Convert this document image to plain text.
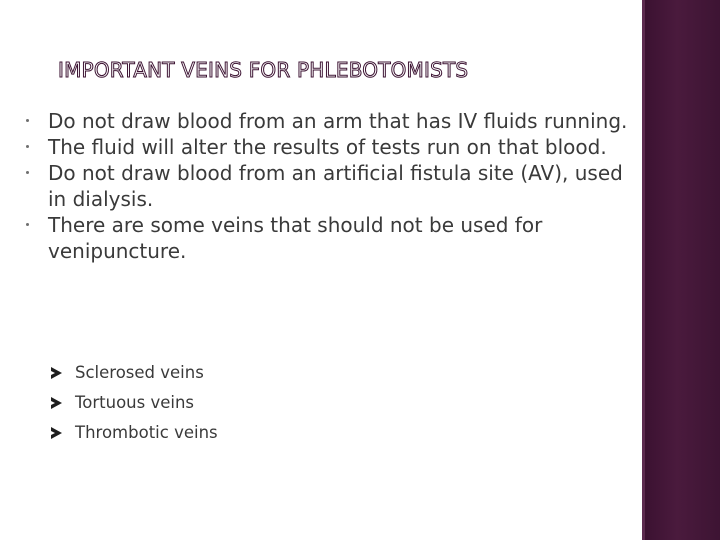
IMPORTANT VEINS FOR PHLEBOTOMISTS
Do not draw blood from an arm that has IV fluids running.
The fluid will alter the results of tests run on that blood.
Do not draw blood from an artificial fistula site (AV), used in dialysis.
There are some veins that should not be used for venipuncture.
Sclerosed veins
Tortuous veins
Thrombotic veins
